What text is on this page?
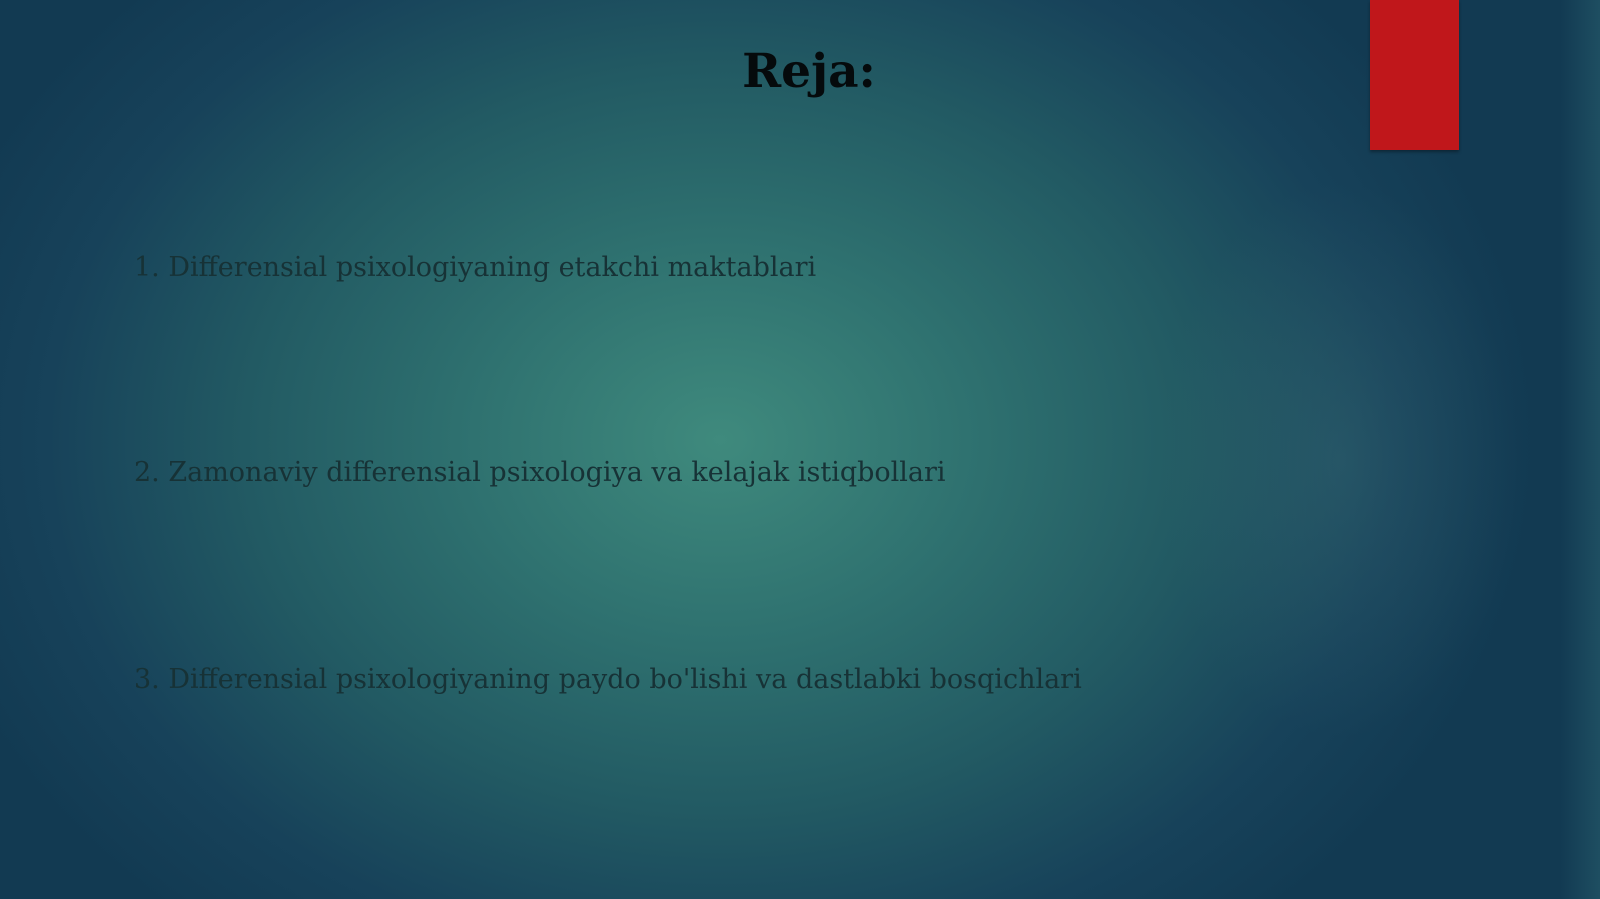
Reja:

1. Differensial psixologiyaning etakchi maktablari

2. Zamonaviy differensial psixologiya va kelajak istiqbollari

3. Differensial psixologiyaning paydo bo'lishi va dastlabki bosqichlari
